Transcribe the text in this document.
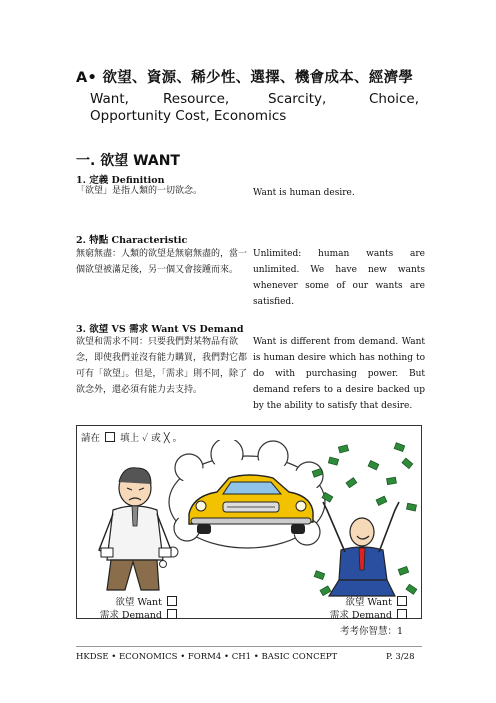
A• 欲望、資源、稀少性、選擇、機會成本、經濟學
Want,	Resource,	Scarcity,	Choice,
Opportunity Cost, Economics
一. 欲望 WANT
1. 定義 Definition
「欲望」是指人類的一切欲念。	Want is human desire.
2. 特點 Characteristic
無窮無盡：人類的欲望是無窮無盡的，當一個欲望被滿足後，另一個又會接踵而來。
Unlimited: human wants are unlimited. We have new wants whenever some of our wants are satisfied.
3. 欲望 VS 需求 Want VS Demand
欲望和需求不同：只要我們對某物品有欲念，即使我們並沒有能力購買，我們對它都可有「欲望」。但是，「需求」則不同，除了欲念外，還必須有能力去支持。
Want is different from demand. Want is human desire which has nothing to do with purchasing power. But demand refers to a desire backed up by the ability to satisfy that desire.
請在 填上 ✓ 或 ╳ 。
欲望 Want
需求 Demand
欲望 Want
需求 Demand
考考你智慧：1
HKDSE • ECONOMICS • FORM4 • CH1 • BASIC CONCEPT	P. 3/28
